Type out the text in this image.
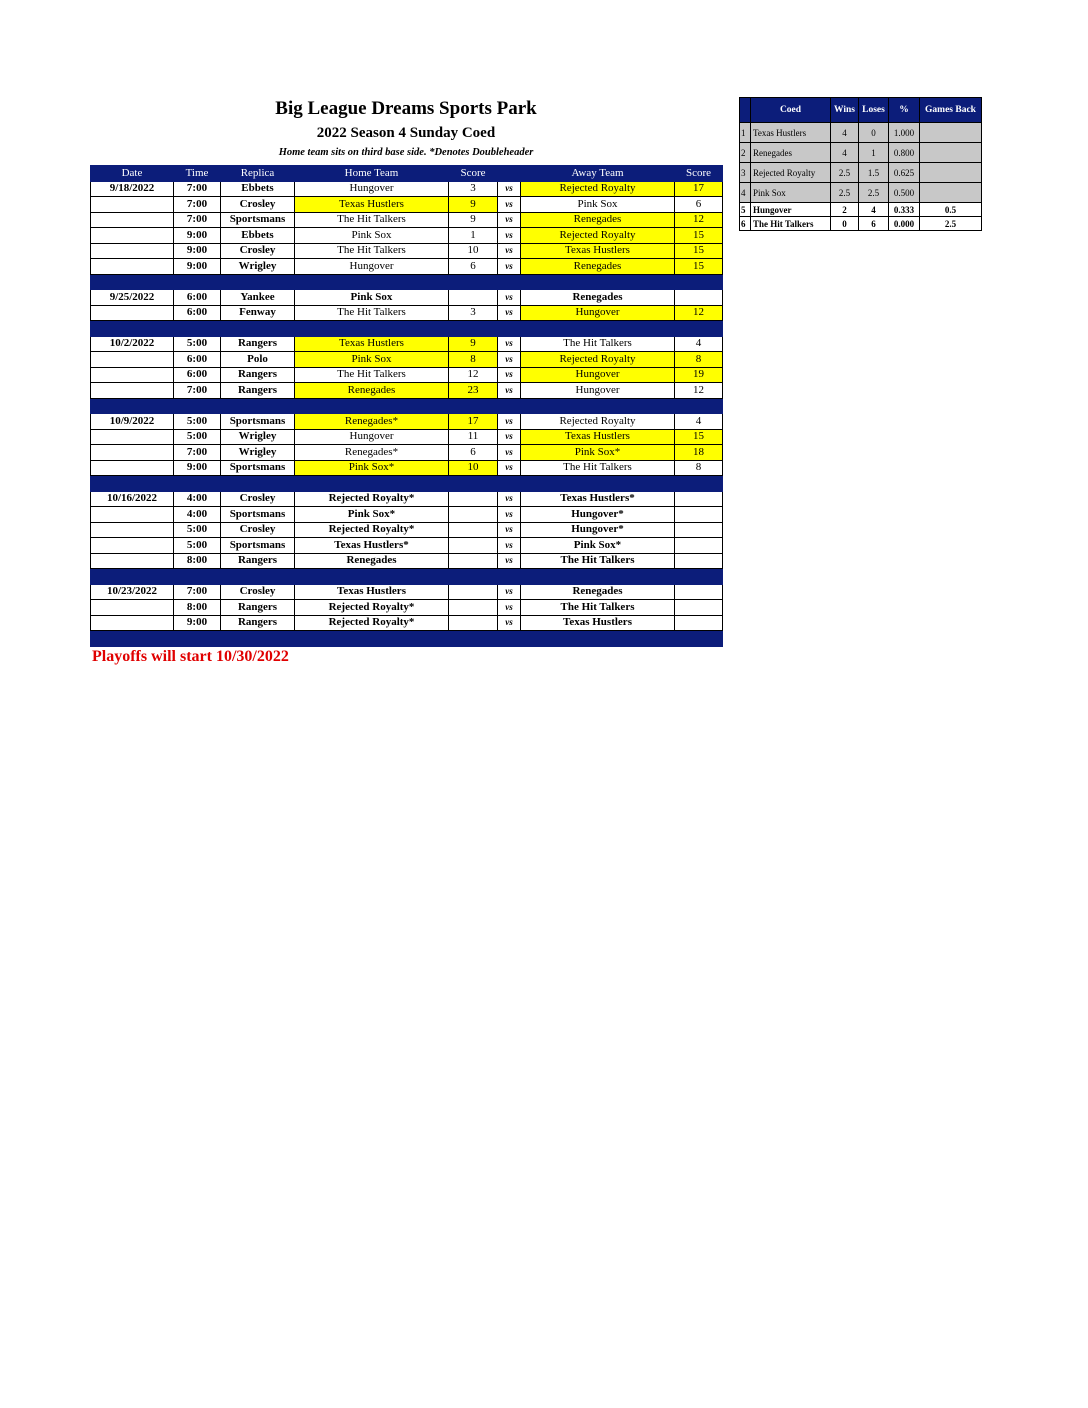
Big League Dreams Sports Park
2022 Season 4 Sunday Coed
Home team sits on third base side. *Denotes Doubleheader
Date	Time	Replica	Home Team	Score		Away Team	Score
9/18/2022	7:00	Ebbets	Hungover	3	vs	Rejected Royalty	17
	7:00	Crosley	Texas Hustlers	9	vs	Pink Sox	6
	7:00	Sportsmans	The Hit Talkers	9	vs	Renegades	12
	9:00	Ebbets	Pink Sox	1	vs	Rejected Royalty	15
	9:00	Crosley	The Hit Talkers	10	vs	Texas Hustlers	15
	9:00	Wrigley	Hungover	6	vs	Renegades	15

9/25/2022	6:00	Yankee	Pink Sox		vs	Renegades	
	6:00	Fenway	The Hit Talkers	3	vs	Hungover	12

10/2/2022	5:00	Rangers	Texas Hustlers	9	vs	The Hit Talkers	4
	6:00	Polo	Pink Sox	8	vs	Rejected Royalty	8
	6:00	Rangers	The Hit Talkers	12	vs	Hungover	19
	7:00	Rangers	Renegades	23	vs	Hungover	12

10/9/2022	5:00	Sportsmans	Renegades*	17	vs	Rejected Royalty	4
	5:00	Wrigley	Hungover	11	vs	Texas Hustlers	15
	7:00	Wrigley	Renegades*	6	vs	Pink Sox*	18
	9:00	Sportsmans	Pink Sox*	10	vs	The Hit Talkers	8

10/16/2022	4:00	Crosley	Rejected Royalty*		vs	Texas Hustlers*	
	4:00	Sportsmans	Pink Sox*		vs	Hungover*	
	5:00	Crosley	Rejected Royalty*		vs	Hungover*	
	5:00	Sportsmans	Texas Hustlers*		vs	Pink Sox*	
	8:00	Rangers	Renegades		vs	The Hit Talkers	

10/23/2022	7:00	Crosley	Texas Hustlers		vs	Renegades	
	8:00	Rangers	Rejected Royalty*		vs	The Hit Talkers	
	9:00	Rangers	Rejected Royalty*		vs	Texas Hustlers	

Playoffs will start 10/30/2022
	Coed	Wins	Loses	%	Games Back
1	Texas Hustlers	4	0	1.000	
2	Renegades	4	1	0.800	
3	Rejected Royalty	2.5	1.5	0.625	
4	Pink Sox	2.5	2.5	0.500	
5	Hungover	2	4	0.333	0.5
6	The Hit Talkers	0	6	0.000	2.5
